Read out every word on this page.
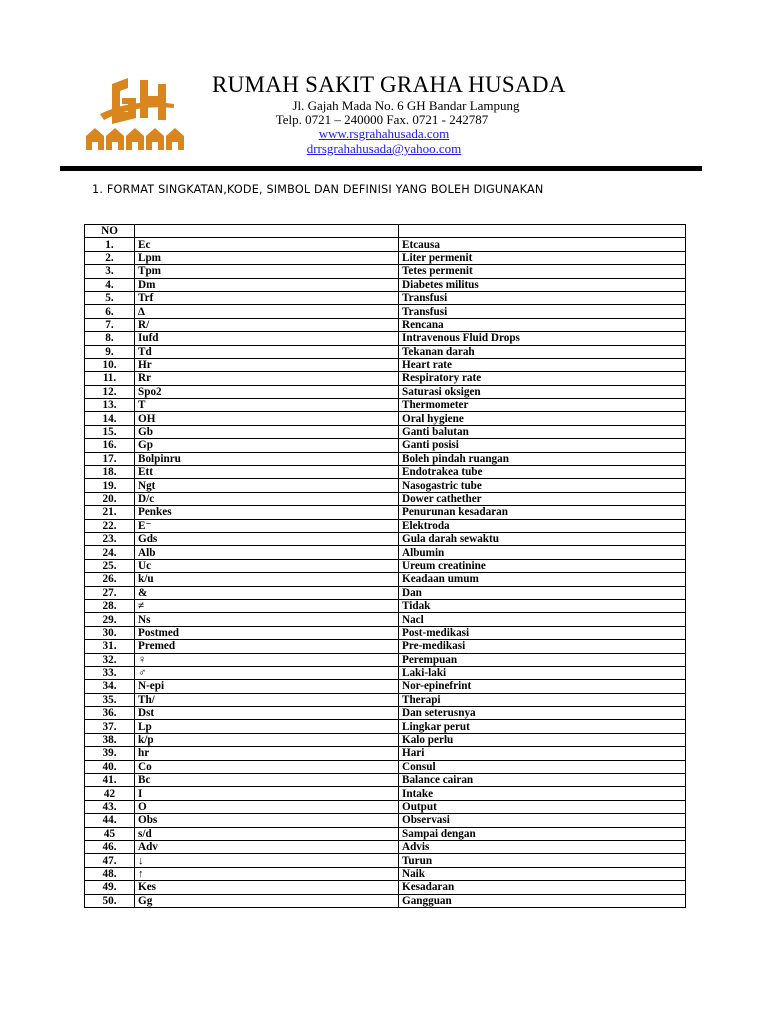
RUMAH SAKIT GRAHA HUSADA
Jl. Gajah Mada No. 6 GH Bandar Lampung
Telp. 0721 – 240000 Fax. 0721 - 242787
www.rsgrahahusada.com
drrsgrahahusada@yahoo.com
1. FORMAT SINGKATAN,KODE, SIMBOL DAN DEFINISI YANG BOLEH DIGUNAKAN
NO		
1.	Ec	Etcausa
2.	Lpm	Liter permenit
3.	Tpm	Tetes permenit
4.	Dm	Diabetes militus
5.	Trf	Transfusi
6.	∆	Transfusi
7.	R/	Rencana
8.	Iufd	Intravenous Fluid Drops
9.	Td	Tekanan darah
10.	Hr	Heart rate
11.	Rr	Respiratory rate
12.	Spo2	Saturasi oksigen
13.	T	Thermometer
14.	OH	Oral hygiene
15.	Gb	Ganti balutan
16.	Gp	Ganti posisi
17.	Bolpinru	Boleh pindah ruangan
18.	Ett	Endotrakea tube
19.	Ngt	Nasogastric tube
20.	D/c	Dower cathether
21.	Penkes	Penurunan kesadaran
22.	E⁻	Elektroda
23.	Gds	Gula darah sewaktu
24.	Alb	Albumin
25.	Uc	Ureum creatinine
26.	k/u	Keadaan umum
27.	&	Dan
28.	≠	Tidak
29.	Ns	Nacl
30.	Postmed	Post-medikasi
31.	Premed	Pre-medikasi
32.	♀	Perempuan
33.	♂	Laki-laki
34.	N-epi	Nor-epinefrint
35.	Th/	Therapi
36.	Dst	Dan seterusnya
37.	Lp	Lingkar perut
38.	k/p	Kalo perlu
39.	hr	Hari
40.	Co	Consul
41.	Bc	Balance cairan
42	I	Intake
43.	O	Output
44.	Obs	Observasi
45	s/d	Sampai dengan
46.	Adv	Advis
47.	↓	Turun
48.	↑	Naik
49.	Kes	Kesadaran
50.	Gg	Gangguan
